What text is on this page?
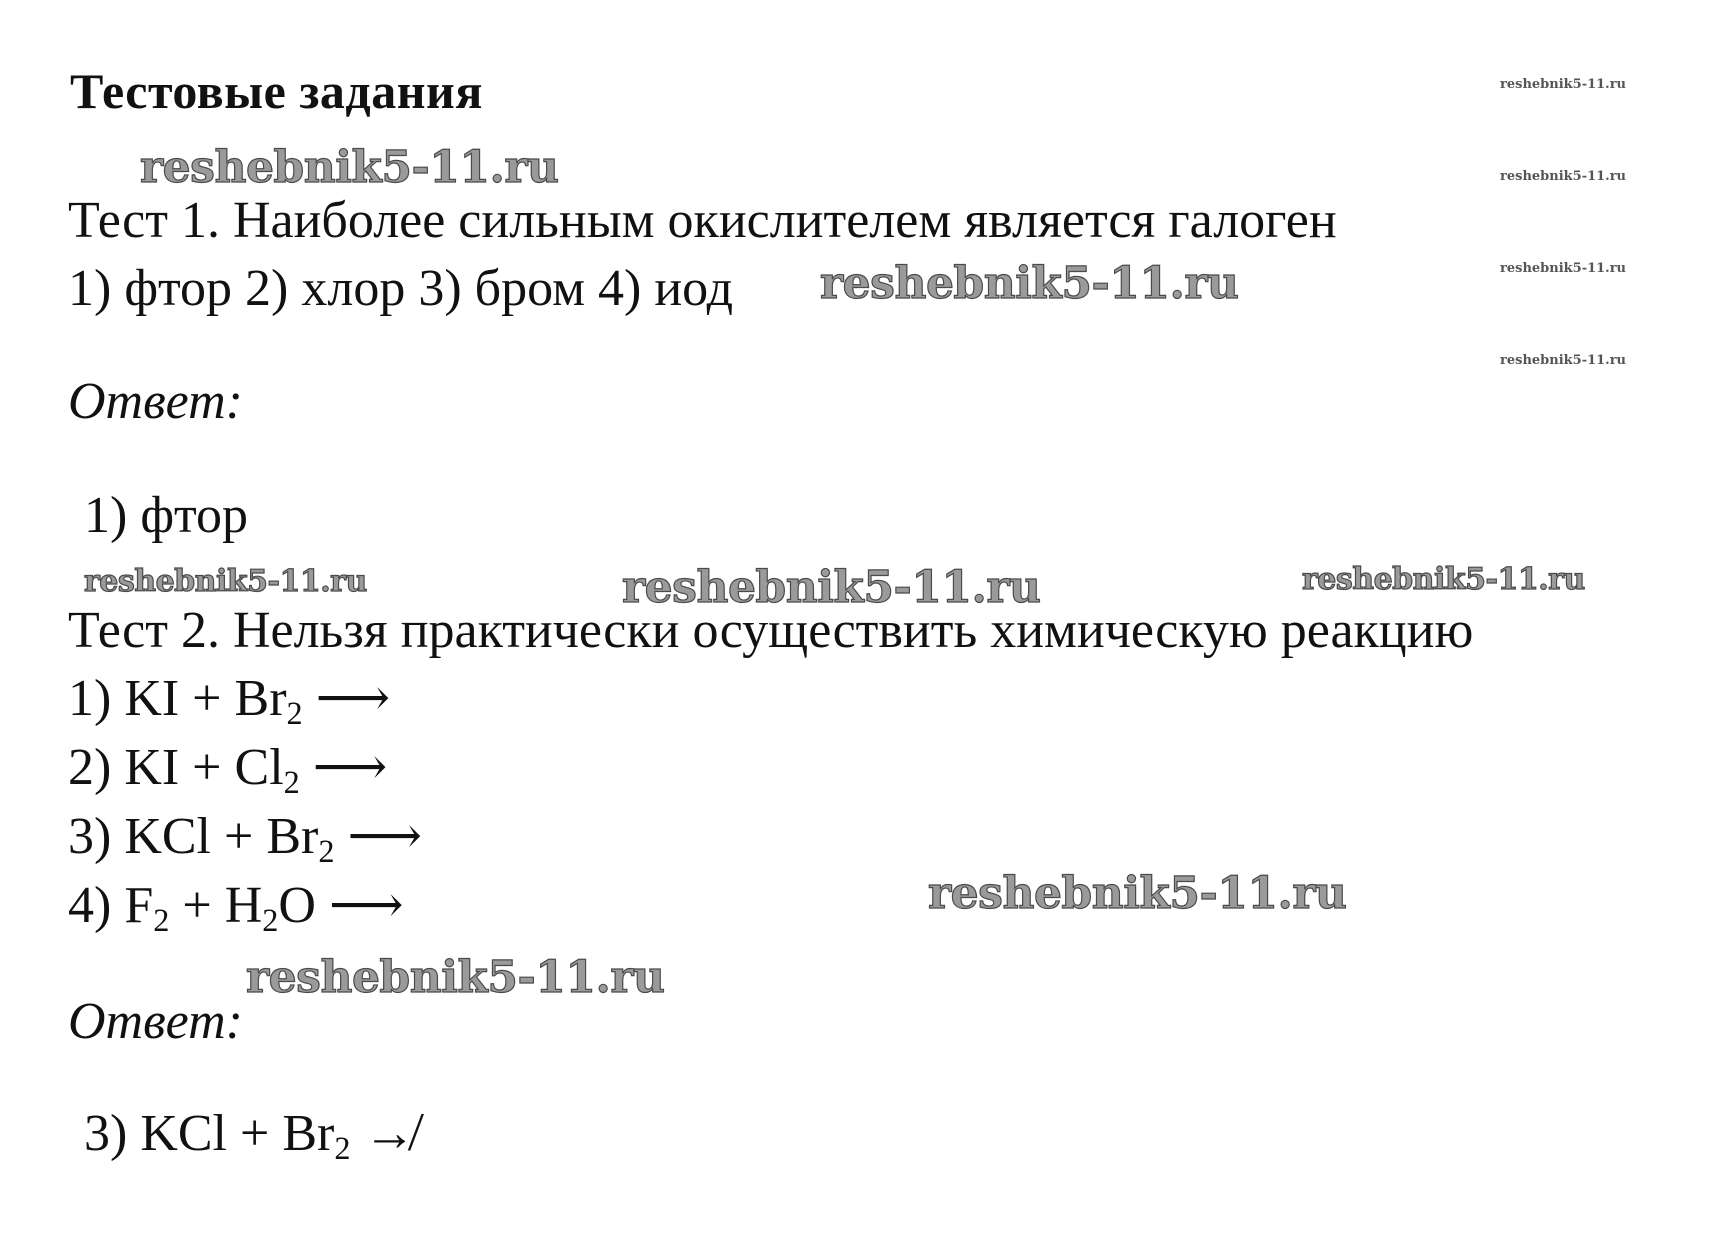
Тестовые задания	reshebnik5-11.ru
reshebnik5-11.ru
reshebnik5-11.ru
reshebnik5-11.ru
reshebnik5-11.ru
Тест 1. Наиболее сильным окислителем является галоген
1) фтор 2) хлор 3) бром 4) иод reshebnik5-11.ru
Ответ:
1) фтор
reshebnik5-11.ru	reshebnik5-11.ru	reshebnik5-11.ru
Тест 2. Нельзя практически осуществить химическую реакцию
1) KI + $Br_2$ ⟶
2) KI + $Cl_2$ ⟶
3) KCl + $Br_2$ ⟶
4) $F_2 + H_2O$ ⟶	reshebnik5-11.ru
reshebnik5-11.ru
Ответ:
3) KCl + $Br_2$ ↛
